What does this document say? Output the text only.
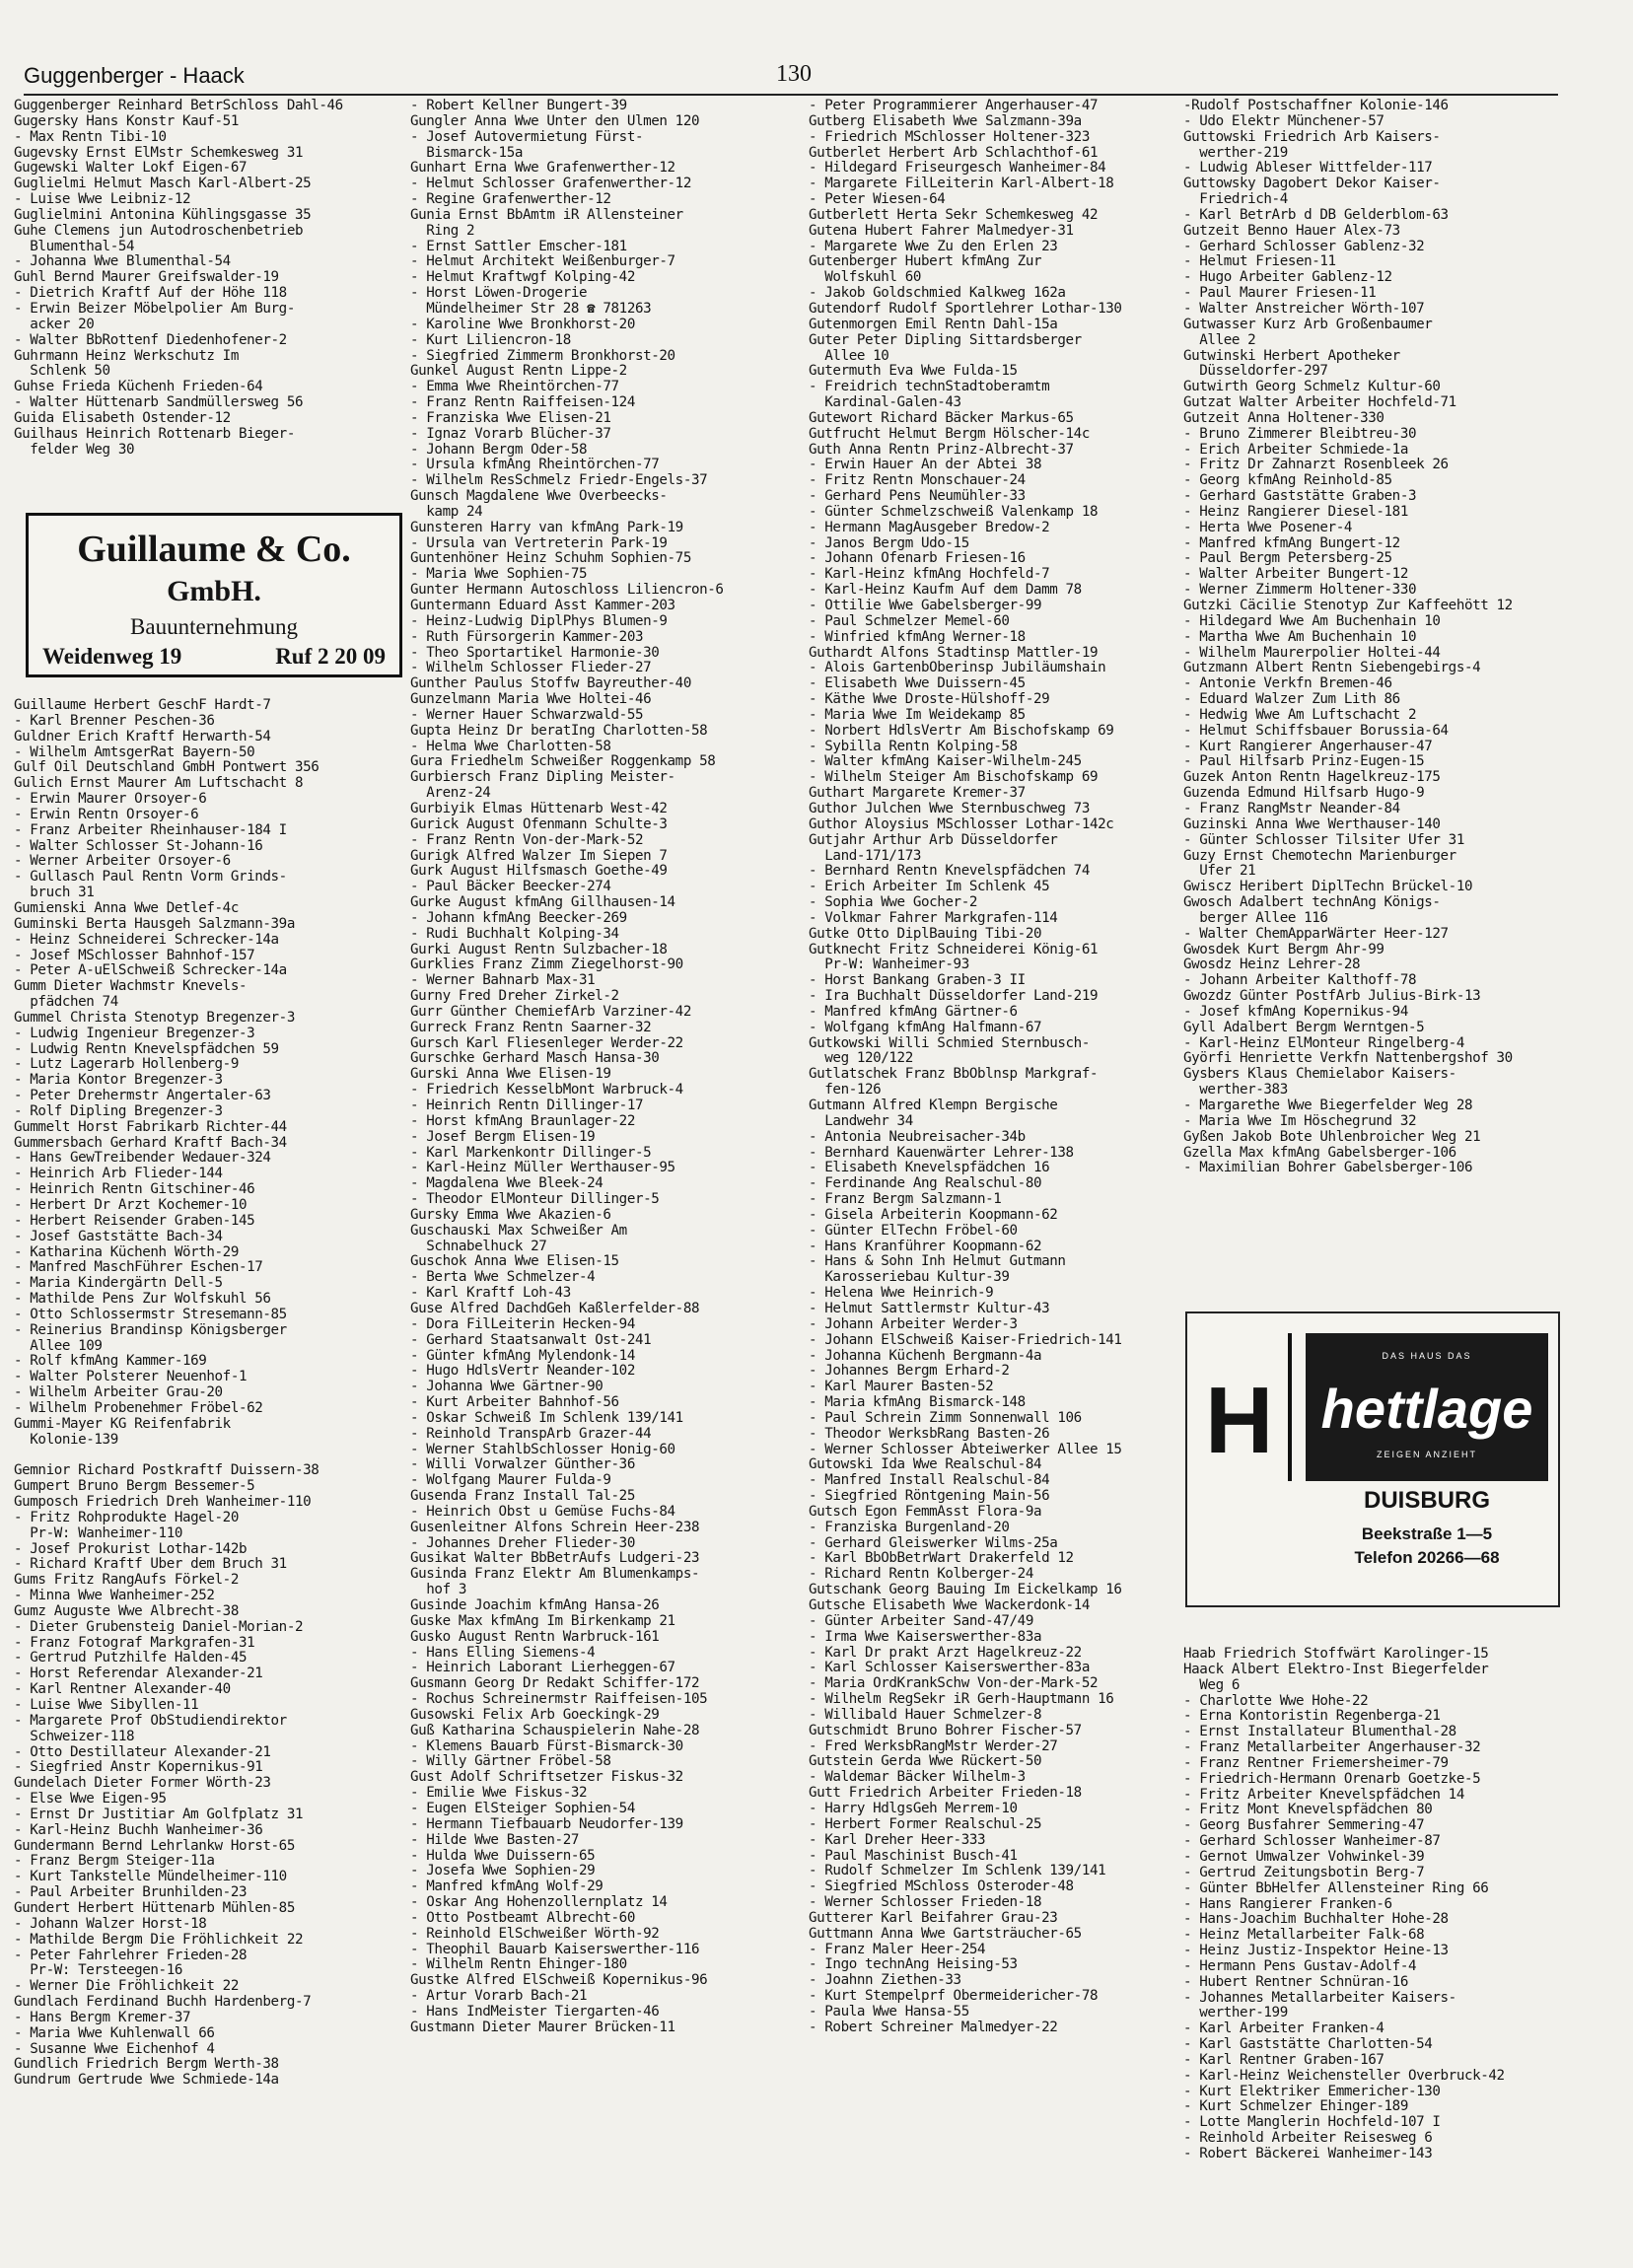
Guggenberger - Haack	130
Guggenberger Reinhard BetrSchloss Dahl-46
Gugersky Hans Konstr Kauf-51
- Max Rentn Tibi-10
Gugevsky Ernst ElMstr Schemkesweg 31
Gugewski Walter Lokf Eigen-67
Guglielmi Helmut Masch Karl-Albert-25
- Luise Wwe Leibniz-12
Guglielmini Antonina Kühlingsgasse 35
Guhe Clemens jun Autodroschenbetrieb
Blumenthal-54
- Johanna Wwe Blumenthal-54
Guhl Bernd Maurer Greifswalder-19
- Dietrich Kraftf Auf der Höhe 118
- Erwin Beizer Möbelpolier Am Burg-
acker 20
- Walter BbRottenf Diedenhofener-2
Guhrmann Heinz Werkschutz Im
Schlenk 50
Guhse Frieda Küchenh Frieden-64
- Walter Hüttenarb Sandmüllersweg 56
Guida Elisabeth Ostender-12
Guilhaus Heinrich Rottenarb Bieger-
felder Weg 30
Guillaume & Co.
GmbH.
Bauunternehmung
Weidenweg 19	Ruf 2 20 09
Guillaume Herbert GeschF Hardt-7
- Karl Brenner Peschen-36
Guldner Erich Kraftf Herwarth-54
- Wilhelm AmtsgerRat Bayern-50
Gulf Oil Deutschland GmbH Pontwert 356
Gulich Ernst Maurer Am Luftschacht 8
- Erwin Maurer Orsoyer-6
- Erwin Rentn Orsoyer-6
- Franz Arbeiter Rheinhauser-184 I
- Walter Schlosser St-Johann-16
- Werner Arbeiter Orsoyer-6
- Gullasch Paul Rentn Vorm Grinds-
bruch 31
Gumienski Anna Wwe Detlef-4c
Guminski Berta Hausgeh Salzmann-39a
- Heinz Schneiderei Schrecker-14a
- Josef MSchlosser Bahnhof-157
- Peter A-uElSchweiß Schrecker-14a
Gumm Dieter Wachmstr Knevels-
pfädchen 74
Gummel Christa Stenotyp Bregenzer-3
- Ludwig Ingenieur Bregenzer-3
- Ludwig Rentn Knevelspfädchen 59
- Lutz Lagerarb Hollenberg-9
- Maria Kontor Bregenzer-3
- Peter Drehermstr Angertaler-63
- Rolf Dipling Bregenzer-3
Gummelt Horst Fabrikarb Richter-44
Gummersbach Gerhard Kraftf Bach-34
- Hans GewTreibender Wedauer-324
- Heinrich Arb Flieder-144
- Heinrich Rentn Gitschiner-46
- Herbert Dr Arzt Kochemer-10
- Herbert Reisender Graben-145
- Josef Gaststätte Bach-34
- Katharina Küchenh Wörth-29
- Manfred MaschFührer Eschen-17
- Maria Kindergärtn Dell-5
- Mathilde Pens Zur Wolfskuhl 56
- Otto Schlossermstr Stresemann-85
- Reinerius Brandinsp Königsberger
Allee 109
- Rolf kfmAng Kammer-169
- Walter Polsterer Neuenhof-1
- Wilhelm Arbeiter Grau-20
- Wilhelm Probenehmer Fröbel-62
Gummi-Mayer KG Reifenfabrik
Kolonie-139
Gemnior Richard Postkraftf Duissern-38
Gumpert Bruno Bergm Bessemer-5
Gumposch Friedrich Dreh Wanheimer-110
- Fritz Rohprodukte Hagel-20
Pr-W: Wanheimer-110
- Josef Prokurist Lothar-142b
- Richard Kraftf Über dem Bruch 31
Gums Fritz RangAufs Förkel-2
- Minna Wwe Wanheimer-252
Gumz Auguste Wwe Albrecht-38
- Dieter Grubensteig Daniel-Morian-2
- Franz Fotograf Markgrafen-31
- Gertrud Putzhilfe Halden-45
- Horst Referendar Alexander-21
- Karl Rentner Alexander-40
- Luise Wwe Sibyllen-11
- Margarete Prof ObStudiendirektor
Schweizer-118
- Otto Destillateur Alexander-21
- Siegfried Anstr Kopernikus-91
Gundelach Dieter Former Wörth-23
- Else Wwe Eigen-95
- Ernst Dr Justitiar Am Golfplatz 31
- Karl-Heinz Buchh Wanheimer-36
Gundermann Bernd Lehrlankw Horst-65
- Franz Bergm Steiger-11a
- Kurt Tankstelle Mündelheimer-110
- Paul Arbeiter Brunhilden-23
Gundert Herbert Hüttenarb Mühlen-85
- Johann Walzer Horst-18
- Mathilde Bergm Die Fröhlichkeit 22
- Peter Fahrlehrer Frieden-28
Pr-W: Tersteegen-16
- Werner Die Fröhlichkeit 22
Gundlach Ferdinand Buchh Hardenberg-7
- Hans Bergm Kremer-37
- Maria Wwe Kuhlenwall 66
- Susanne Wwe Eichenhof 4
Gundlich Friedrich Bergm Werth-38
Gundrum Gertrude Wwe Schmiede-14a
- Robert Kellner Bungert-39
Gungler Anna Wwe Unter den Ulmen 120
- Josef Autovermietung Fürst-
Bismarck-15a
Gunhart Erna Wwe Grafenwerther-12
- Helmut Schlosser Grafenwerther-12
- Regine Grafenwerther-12
Gunia Ernst BbAmtm iR Allensteiner
Ring 2
- Ernst Sattler Emscher-181
- Helmut Architekt Weißenburger-7
- Helmut Kraftwgf Kolping-42
- Horst Löwen-Drogerie
Mündelheimer Str 28 ☎ 781263
- Karoline Wwe Bronkhorst-20
- Kurt Liliencron-18
- Siegfried Zimmerm Bronkhorst-20
Gunkel August Rentn Lippe-2
- Emma Wwe Rheintörchen-77
- Franz Rentn Raiffeisen-124
- Franziska Wwe Elisen-21
- Ignaz Vorarb Blücher-37
- Johann Bergm Oder-58
- Ursula kfmAng Rheintörchen-77
- Wilhelm ResSchmelz Friedr-Engels-37
Gunsch Magdalene Wwe Overbeecks-
kamp 24
Gunsteren Harry van kfmAng Park-19
- Ursula van Vertreterin Park-19
Guntenhöner Heinz Schuhm Sophien-75
- Maria Wwe Sophien-75
Gunter Hermann Autoschloss Liliencron-6
Guntermann Eduard Asst Kammer-203
- Heinz-Ludwig DiplPhys Blumen-9
- Ruth Fürsorgerin Kammer-203
- Theo Sportartikel Harmonie-30
- Wilhelm Schlosser Flieder-27
Gunther Paulus Stoffw Bayreuther-40
Gunzelmann Maria Wwe Holtei-46
- Werner Hauer Schwarzwald-55
Gupta Heinz Dr beratIng Charlotten-58
- Helma Wwe Charlotten-58
Gura Friedhelm Schweißer Roggenkamp 58
Gurbiersch Franz Dipling Meister-
Arenz-24
Gurbiyik Elmas Hüttenarb West-42
Gurick August Ofenmann Schulte-3
- Franz Rentn Von-der-Mark-52
Gurigk Alfred Walzer Im Siepen 7
Gurk August Hilfsmasch Goethe-49
- Paul Bäcker Beecker-274
Gurke August kfmAng Gillhausen-14
- Johann kfmAng Beecker-269
- Rudi Buchhalt Kolping-34
Gurki August Rentn Sulzbacher-18
Gurklies Franz Zimm Ziegelhorst-90
- Werner Bahnarb Max-31
Gurny Fred Dreher Zirkel-2
Gurr Günther ChemiefArb Varziner-42
Gurreck Franz Rentn Saarner-32
Gursch Karl Fliesenleger Werder-22
Gurschke Gerhard Masch Hansa-30
Gurski Anna Wwe Elisen-19
- Friedrich KesselbMont Warbruck-4
- Heinrich Rentn Dillinger-17
- Horst kfmAng Braunlager-22
- Josef Bergm Elisen-19
- Karl Markenkontr Dillinger-5
- Karl-Heinz Müller Werthauser-95
- Magdalena Wwe Bleek-24
- Theodor ElMonteur Dillinger-5
Gursky Emma Wwe Akazien-6
Guschauski Max Schweißer Am
Schnabelhuck 27
Guschok Anna Wwe Elisen-15
- Berta Wwe Schmelzer-4
- Karl Kraftf Loh-43
Guse Alfred DachdGeh Kaßlerfelder-88
- Dora FilLeiterin Hecken-94
- Gerhard Staatsanwalt Ost-241
- Günter kfmAng Mylendonk-14
- Hugo HdlsVertr Neander-102
- Johanna Wwe Gärtner-90
- Kurt Arbeiter Bahnhof-56
- Oskar Schweiß Im Schlenk 139/141
- Reinhold TranspArb Grazer-44
- Werner StahlbSchlosser Honig-60
- Willi Vorwalzer Günther-36
- Wolfgang Maurer Fulda-9
Gusenda Franz Install Tal-25
- Heinrich Obst u Gemüse Fuchs-84
Gusenleitner Alfons Schrein Heer-238
- Johannes Dreher Flieder-30
Gusikat Walter BbBetrAufs Ludgeri-23
Gusinda Franz Elektr Am Blumenkamps-
hof 3
Gusinde Joachim kfmAng Hansa-26
Guske Max kfmAng Im Birkenkamp 21
Gusko August Rentn Warbruck-161
- Hans Elling Siemens-4
- Heinrich Laborant Lierheggen-67
Gusmann Georg Dr Redakt Schiffer-172
- Rochus Schreinermstr Raiffeisen-105
Gusowski Felix Arb Goeckingk-29
Guß Katharina Schauspielerin Nahe-28
- Klemens Bauarb Fürst-Bismarck-30
- Willy Gärtner Fröbel-58
Gust Adolf Schriftsetzer Fiskus-32
- Emilie Wwe Fiskus-32
- Eugen ElSteiger Sophien-54
- Hermann Tiefbauarb Neudorfer-139
- Hilde Wwe Basten-27
- Hulda Wwe Duissern-65
- Josefa Wwe Sophien-29
- Manfred kfmAng Wolf-29
- Oskar Ang Hohenzollernplatz 14
- Otto Postbeamt Albrecht-60
- Reinhold ElSchweißer Wörth-92
- Theophil Bauarb Kaiserswerther-116
- Wilhelm Rentn Ehinger-180
Gustke Alfred ElSchweiß Kopernikus-96
- Artur Vorarb Bach-21
- Hans IndMeister Tiergarten-46
Gustmann Dieter Maurer Brücken-11
- Peter Programmierer Angerhauser-47
Gutberg Elisabeth Wwe Salzmann-39a
- Friedrich MSchlosser Holtener-323
Gutberlet Herbert Arb Schlachthof-61
- Hildegard Friseurgesch Wanheimer-84
- Margarete FilLeiterin Karl-Albert-18
- Peter Wiesen-64
Gutberlett Herta Sekr Schemkesweg 42
Gutena Hubert Fahrer Malmedyer-31
- Margarete Wwe Zu den Erlen 23
Gutenberger Hubert kfmAng Zur
Wolfskuhl 60
- Jakob Goldschmied Kalkweg 162a
Gutendorf Rudolf Sportlehrer Lothar-130
Gutenmorgen Emil Rentn Dahl-15a
Guter Peter Dipling Sittardsberger
Allee 10
Gutermuth Eva Wwe Fulda-15
- Freidrich technStadtoberamtm
Kardinal-Galen-43
Gutewort Richard Bäcker Markus-65
Gutfrucht Helmut Bergm Hölscher-14c
Guth Anna Rentn Prinz-Albrecht-37
- Erwin Hauer An der Abtei 38
- Fritz Rentn Monschauer-24
- Gerhard Pens Neumühler-33
- Günter Schmelzschweiß Valenkamp 18
- Hermann MagAusgeber Bredow-2
- Janos Bergm Udo-15
- Johann Ofenarb Friesen-16
- Karl-Heinz kfmAng Hochfeld-7
- Karl-Heinz Kaufm Auf dem Damm 78
- Ottilie Wwe Gabelsberger-99
- Paul Schmelzer Memel-60
- Winfried kfmAng Werner-18
Guthardt Alfons Stadtinsp Mattler-19
- Alois GartenbOberinsp Jubiläumshain
- Elisabeth Wwe Duissern-45
- Käthe Wwe Droste-Hülshoff-29
- Maria Wwe Im Weidekamp 85
- Norbert HdlsVertr Am Bischofskamp 69
- Sybilla Rentn Kolping-58
- Walter kfmAng Kaiser-Wilhelm-245
- Wilhelm Steiger Am Bischofskamp 69
Guthart Margarete Kremer-37
Guthor Julchen Wwe Sternbuschweg 73
Guthor Aloysius MSchlosser Lothar-142c
Gutjahr Arthur Arb Düsseldorfer
Land-171/173
- Bernhard Rentn Knevelspfädchen 74
- Erich Arbeiter Im Schlenk 45
- Sophia Wwe Gocher-2
- Volkmar Fahrer Markgrafen-114
Gutke Otto DiplBauing Tibi-20
Gutknecht Fritz Schneiderei König-61
Pr-W: Wanheimer-93
- Horst Bankang Graben-3 II
- Ira Buchhalt Düsseldorfer Land-219
- Manfred kfmAng Gärtner-6
- Wolfgang kfmAng Halfmann-67
Gutkowski Willi Schmied Sternbusch-
weg 120/122
Gutlatschek Franz BbOblnsp Markgraf-
fen-126
Gutmann Alfred Klempn Bergische
Landwehr 34
- Antonia Neubreisacher-34b
- Bernhard Kauenwärter Lehrer-138
- Elisabeth Knevelspfädchen 16
- Ferdinande Ang Realschul-80
- Franz Bergm Salzmann-1
- Gisela Arbeiterin Koopmann-62
- Günter ElTechn Fröbel-60
- Hans Kranführer Koopmann-62
- Hans & Sohn Inh Helmut Gutmann
Karosseriebau Kultur-39
- Helena Wwe Heinrich-9
- Helmut Sattlermstr Kultur-43
- Johann Arbeiter Werder-3
- Johann ElSchweiß Kaiser-Friedrich-141
- Johanna Küchenh Bergmann-4a
- Johannes Bergm Erhard-2
- Karl Maurer Basten-52
- Maria kfmAng Bismarck-148
- Paul Schrein Zimm Sonnenwall 106
- Theodor WerksbRang Basten-26
- Werner Schlosser Abteiwerker Allee 15
Gutowski Ida Wwe Realschul-84
- Manfred Install Realschul-84
- Siegfried Röntgening Main-56
Gutsch Egon FemmAsst Flora-9a
- Franziska Burgenland-20
- Gerhard Gleiswerker Wilms-25a
- Karl BbObBetrWart Drakerfeld 12
- Richard Rentn Kolberger-24
Gutschank Georg Bauing Im Eickelkamp 16
Gutsche Elisabeth Wwe Wackerdonk-14
- Günter Arbeiter Sand-47/49
- Irma Wwe Kaiserswerther-83a
- Karl Dr prakt Arzt Hagelkreuz-22
- Karl Schlosser Kaiserswerther-83a
- Maria OrdKrankSchw Von-der-Mark-52
- Wilhelm RegSekr iR Gerh-Hauptmann 16
- Willibald Hauer Schmelzer-8
Gutschmidt Bruno Bohrer Fischer-57
- Fred WerksbRangMstr Werder-27
Gutstein Gerda Wwe Rückert-50
- Waldemar Bäcker Wilhelm-3
Gutt Friedrich Arbeiter Frieden-18
- Harry HdlgsGeh Merrem-10
- Herbert Former Realschul-25
- Karl Dreher Heer-333
- Paul Maschinist Busch-41
- Rudolf Schmelzer Im Schlenk 139/141
- Siegfried MSchloss Osteroder-48
- Werner Schlosser Frieden-18
Gutterer Karl Beifahrer Grau-23
Guttmann Anna Wwe Gartsträucher-65
- Franz Maler Heer-254
- Ingo technAng Heising-53
- Joahnn Ziethen-33
- Kurt Stempelprf Obermeidericher-78
- Paula Wwe Hansa-55
- Robert Schreiner Malmedyer-22
-Rudolf Postschaffner Kolonie-146
- Udo Elektr Münchener-57
Guttowski Friedrich Arb Kaisers-
werther-219
- Ludwig Ableser Wittfelder-117
Guttowsky Dagobert Dekor Kaiser-
Friedrich-4
- Karl BetrArb d DB Gelderblom-63
Gutzeit Benno Hauer Alex-73
- Gerhard Schlosser Gablenz-32
- Helmut Friesen-11
- Hugo Arbeiter Gablenz-12
- Paul Maurer Friesen-11
- Walter Anstreicher Wörth-107
Gutwasser Kurz Arb Großenbaumer
Allee 2
Gutwinski Herbert Apotheker
Düsseldorfer-297
Gutwirth Georg Schmelz Kultur-60
Gutzat Walter Arbeiter Hochfeld-71
Gutzeit Anna Holtener-330
- Bruno Zimmerer Bleibtreu-30
- Erich Arbeiter Schmiede-1a
- Fritz Dr Zahnarzt Rosenbleek 26
- Georg kfmAng Reinhold-85
- Gerhard Gaststätte Graben-3
- Heinz Rangierer Diesel-181
- Herta Wwe Posener-4
- Manfred kfmAng Bungert-12
- Paul Bergm Petersberg-25
- Walter Arbeiter Bungert-12
- Werner Zimmerm Holtener-330
Gutzki Cäcilie Stenotyp Zur Kaffeehött 12
- Hildegard Wwe Am Buchenhain 10
- Martha Wwe Am Buchenhain 10
- Wilhelm Maurerpolier Holtei-44
Gutzmann Albert Rentn Siebengebirgs-4
- Antonie Verkfn Bremen-46
- Eduard Walzer Zum Lith 86
- Hedwig Wwe Am Luftschacht 2
- Helmut Schiffsbauer Borussia-64
- Kurt Rangierer Angerhauser-47
- Paul Hilfsarb Prinz-Eugen-15
Guzek Anton Rentn Hagelkreuz-175
Guzenda Edmund Hilfsarb Hugo-9
- Franz RangMstr Neander-84
Guzinski Anna Wwe Werthauser-140
- Günter Schlosser Tilsiter Ufer 31
Guzy Ernst Chemotechn Marienburger
Ufer 21
Gwiscz Heribert DiplTechn Brückel-10
Gwosch Adalbert technAng Königs-
berger Allee 116
- Walter ChemApparWärter Heer-127
Gwosdek Kurt Bergm Ahr-99
Gwosdz Heinz Lehrer-28
- Johann Arbeiter Kalthoff-78
Gwozdz Günter PostfArb Julius-Birk-13
- Josef kfmAng Kopernikus-94
Gyll Adalbert Bergm Werntgen-5
- Karl-Heinz ElMonteur Ringelberg-4
Györfi Henriette Verkfn Nattenbergshof 30
Gysbers Klaus Chemielabor Kaisers-
werther-383
- Margarethe Wwe Biegerfelder Weg 28
- Maria Wwe Im Höschegrund 32
Gyßen Jakob Bote Uhlenbroicher Weg 21
Gzella Max kfmAng Gabelsberger-106
- Maximilian Bohrer Gabelsberger-106
H
DAS HAUS DAS
hettlage
ZEIGEN ANZIEHT
DUISBURG
Beekstraße 1—5
Telefon 20266—68
Haab Friedrich Stoffwärt Karolinger-15
Haack Albert Elektro-Inst Biegerfelder
Weg 6
- Charlotte Wwe Hohe-22
- Erna Kontoristin Regenberga-21
- Ernst Installateur Blumenthal-28
- Franz Metallarbeiter Angerhauser-32
- Franz Rentner Friemersheimer-79
- Friedrich-Hermann Orenarb Goetzke-5
- Fritz Arbeiter Knevelspfädchen 14
- Fritz Mont Knevelspfädchen 80
- Georg Busfahrer Semmering-47
- Gerhard Schlosser Wanheimer-87
- Gernot Umwalzer Vohwinkel-39
- Gertrud Zeitungsbotin Berg-7
- Günter BbHelfer Allensteiner Ring 66
- Hans Rangierer Franken-6
- Hans-Joachim Buchhalter Hohe-28
- Heinz Metallarbeiter Falk-68
- Heinz Justiz-Inspektor Heine-13
- Hermann Pens Gustav-Adolf-4
- Hubert Rentner Schnüran-16
- Johannes Metallarbeiter Kaisers-
werther-199
- Karl Arbeiter Franken-4
- Karl Gaststätte Charlotten-54
- Karl Rentner Graben-167
- Karl-Heinz Weichensteller Overbruck-42
- Kurt Elektriker Emmericher-130
- Kurt Schmelzer Ehinger-189
- Lotte Manglerin Hochfeld-107 I
- Reinhold Arbeiter Reisesweg 6
- Robert Bäckerei Wanheimer-143
